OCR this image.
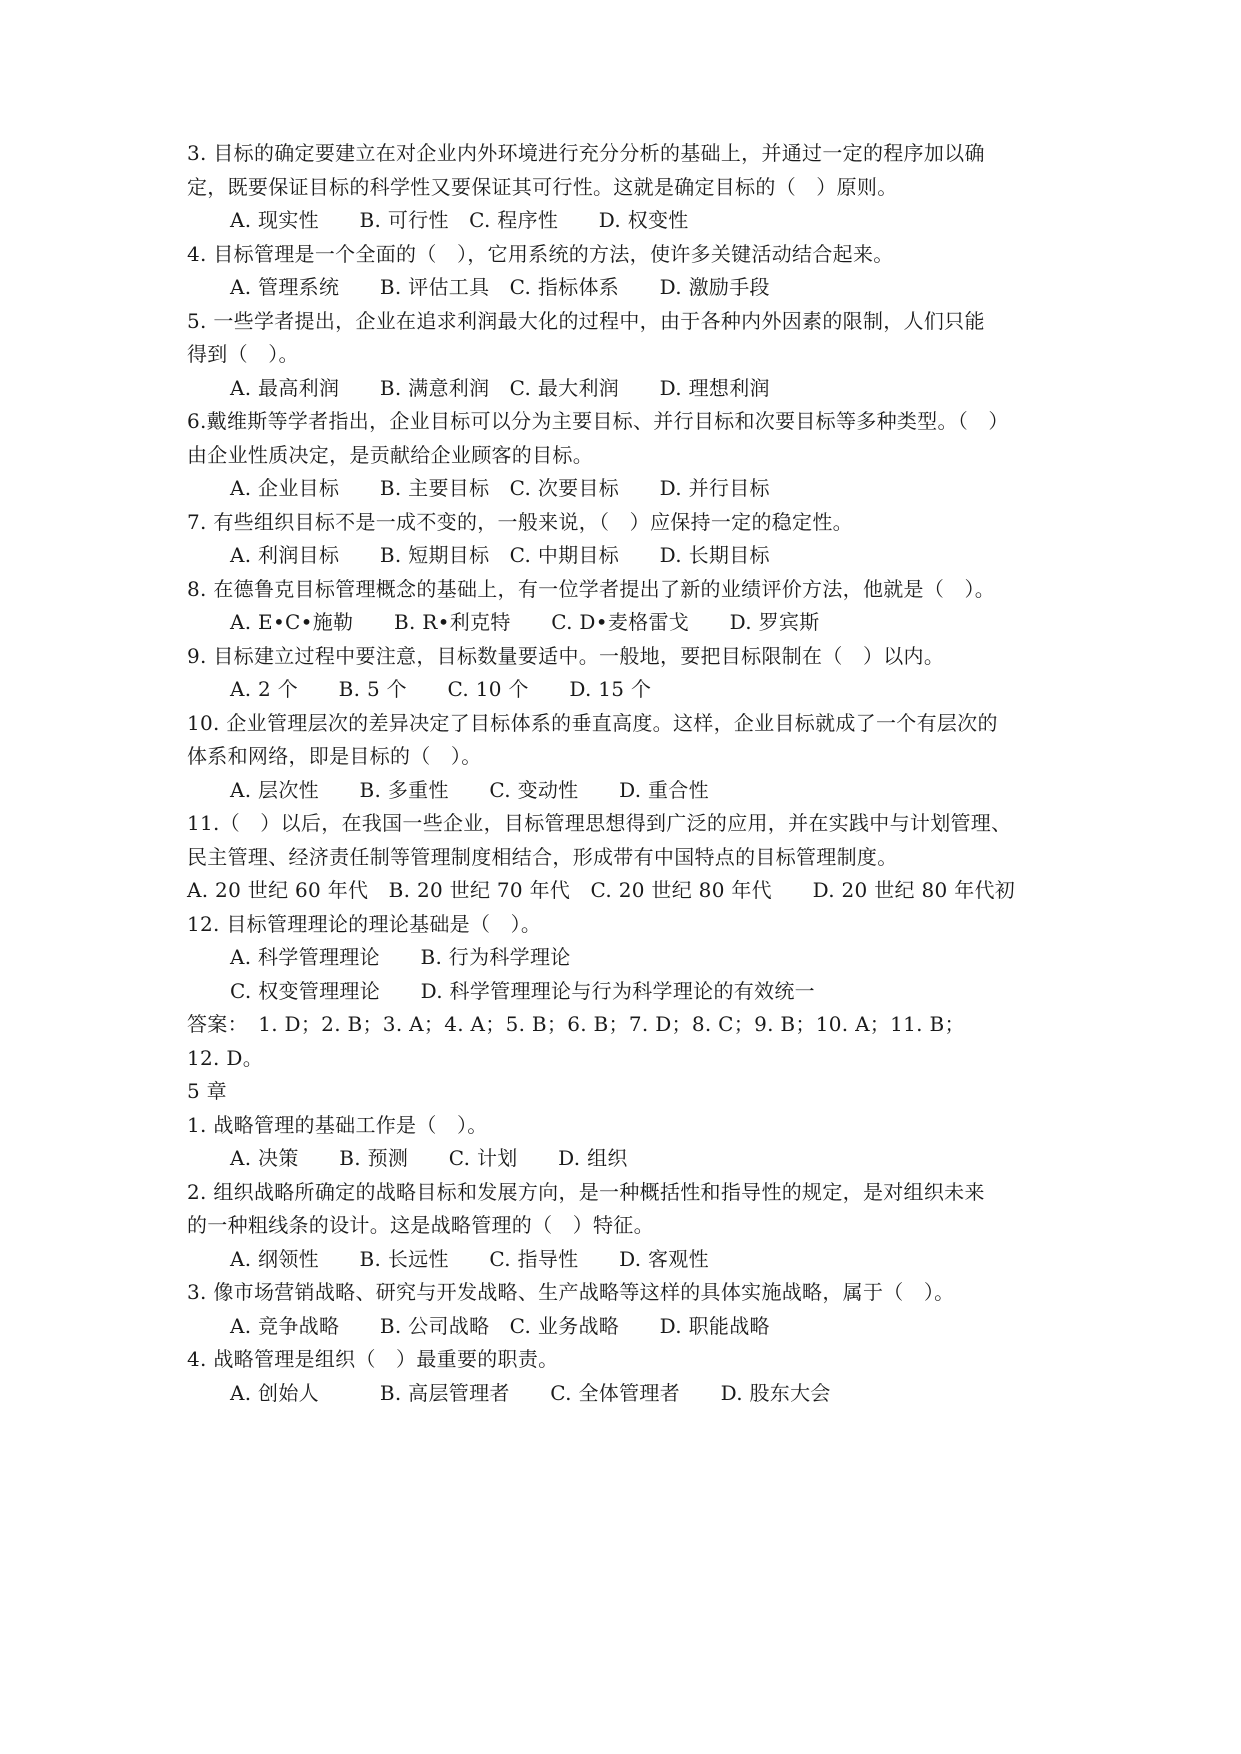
3. 目标的确定要建立在对企业内外环境进行充分分析的基础上，并通过一定的程序加以确
定，既要保证目标的科学性又要保证其可行性。这就是确定目标的（　）原则。
A. 现实性　　B. 可行性　C. 程序性　　D. 权变性
4. 目标管理是一个全面的（　），它用系统的方法，使许多关键活动结合起来。
A. 管理系统　　B. 评估工具　C. 指标体系　　D. 激励手段
5. 一些学者提出，企业在追求利润最大化的过程中，由于各种内外因素的限制，人们只能
得到（　）。
A. 最高利润　　B. 满意利润　C. 最大利润　　D. 理想利润
6.戴维斯等学者指出，企业目标可以分为主要目标、并行目标和次要目标等多种类型。（　）
由企业性质决定，是贡献给企业顾客的目标。
A. 企业目标　　B. 主要目标　C. 次要目标　　D. 并行目标
7. 有些组织目标不是一成不变的，一般来说，（　）应保持一定的稳定性。
A. 利润目标　　B. 短期目标　C. 中期目标　　D. 长期目标
8. 在德鲁克目标管理概念的基础上，有一位学者提出了新的业绩评价方法，他就是（　）。
A. E•C•施勒　　B. R•利克特　　C. D•麦格雷戈　　D. 罗宾斯
9. 目标建立过程中要注意，目标数量要适中。一般地，要把目标限制在（　）以内。
A. 2 个　　B. 5 个　　C. 10 个　　D. 15 个
10. 企业管理层次的差异决定了目标体系的垂直高度。这样，企业目标就成了一个有层次的
体系和网络，即是目标的（　）。
A. 层次性　　B. 多重性　　C. 变动性　　D. 重合性
11.（　）以后，在我国一些企业，目标管理思想得到广泛的应用，并在实践中与计划管理、
民主管理、经济责任制等管理制度相结合，形成带有中国特点的目标管理制度。
A. 20 世纪 60 年代　B. 20 世纪 70 年代　C. 20 世纪 80 年代　　D. 20 世纪 80 年代初
12. 目标管理理论的理论基础是（　）。
A. 科学管理理论　　B. 行为科学理论
C. 权变管理理论　　D. 科学管理理论与行为科学理论的有效统一
答案：　1. D；2. B；3. A；4. A；5. B；6. B；7. D；8. C；9. B；10. A；11. B；
12. D。
5 章
1. 战略管理的基础工作是（　）。
A. 决策　　B. 预测　　C. 计划　　D. 组织
2. 组织战略所确定的战略目标和发展方向，是一种概括性和指导性的规定，是对组织未来
的一种粗线条的设计。这是战略管理的（　）特征。
A. 纲领性　　B. 长远性　　C. 指导性　　D. 客观性
3. 像市场营销战略、研究与开发战略、生产战略等这样的具体实施战略，属于（　）。
A. 竞争战略　　B. 公司战略　C. 业务战略　　D. 职能战略
4. 战略管理是组织（　）最重要的职责。
A. 创始人　　　B. 高层管理者　　C. 全体管理者　　D. 股东大会
